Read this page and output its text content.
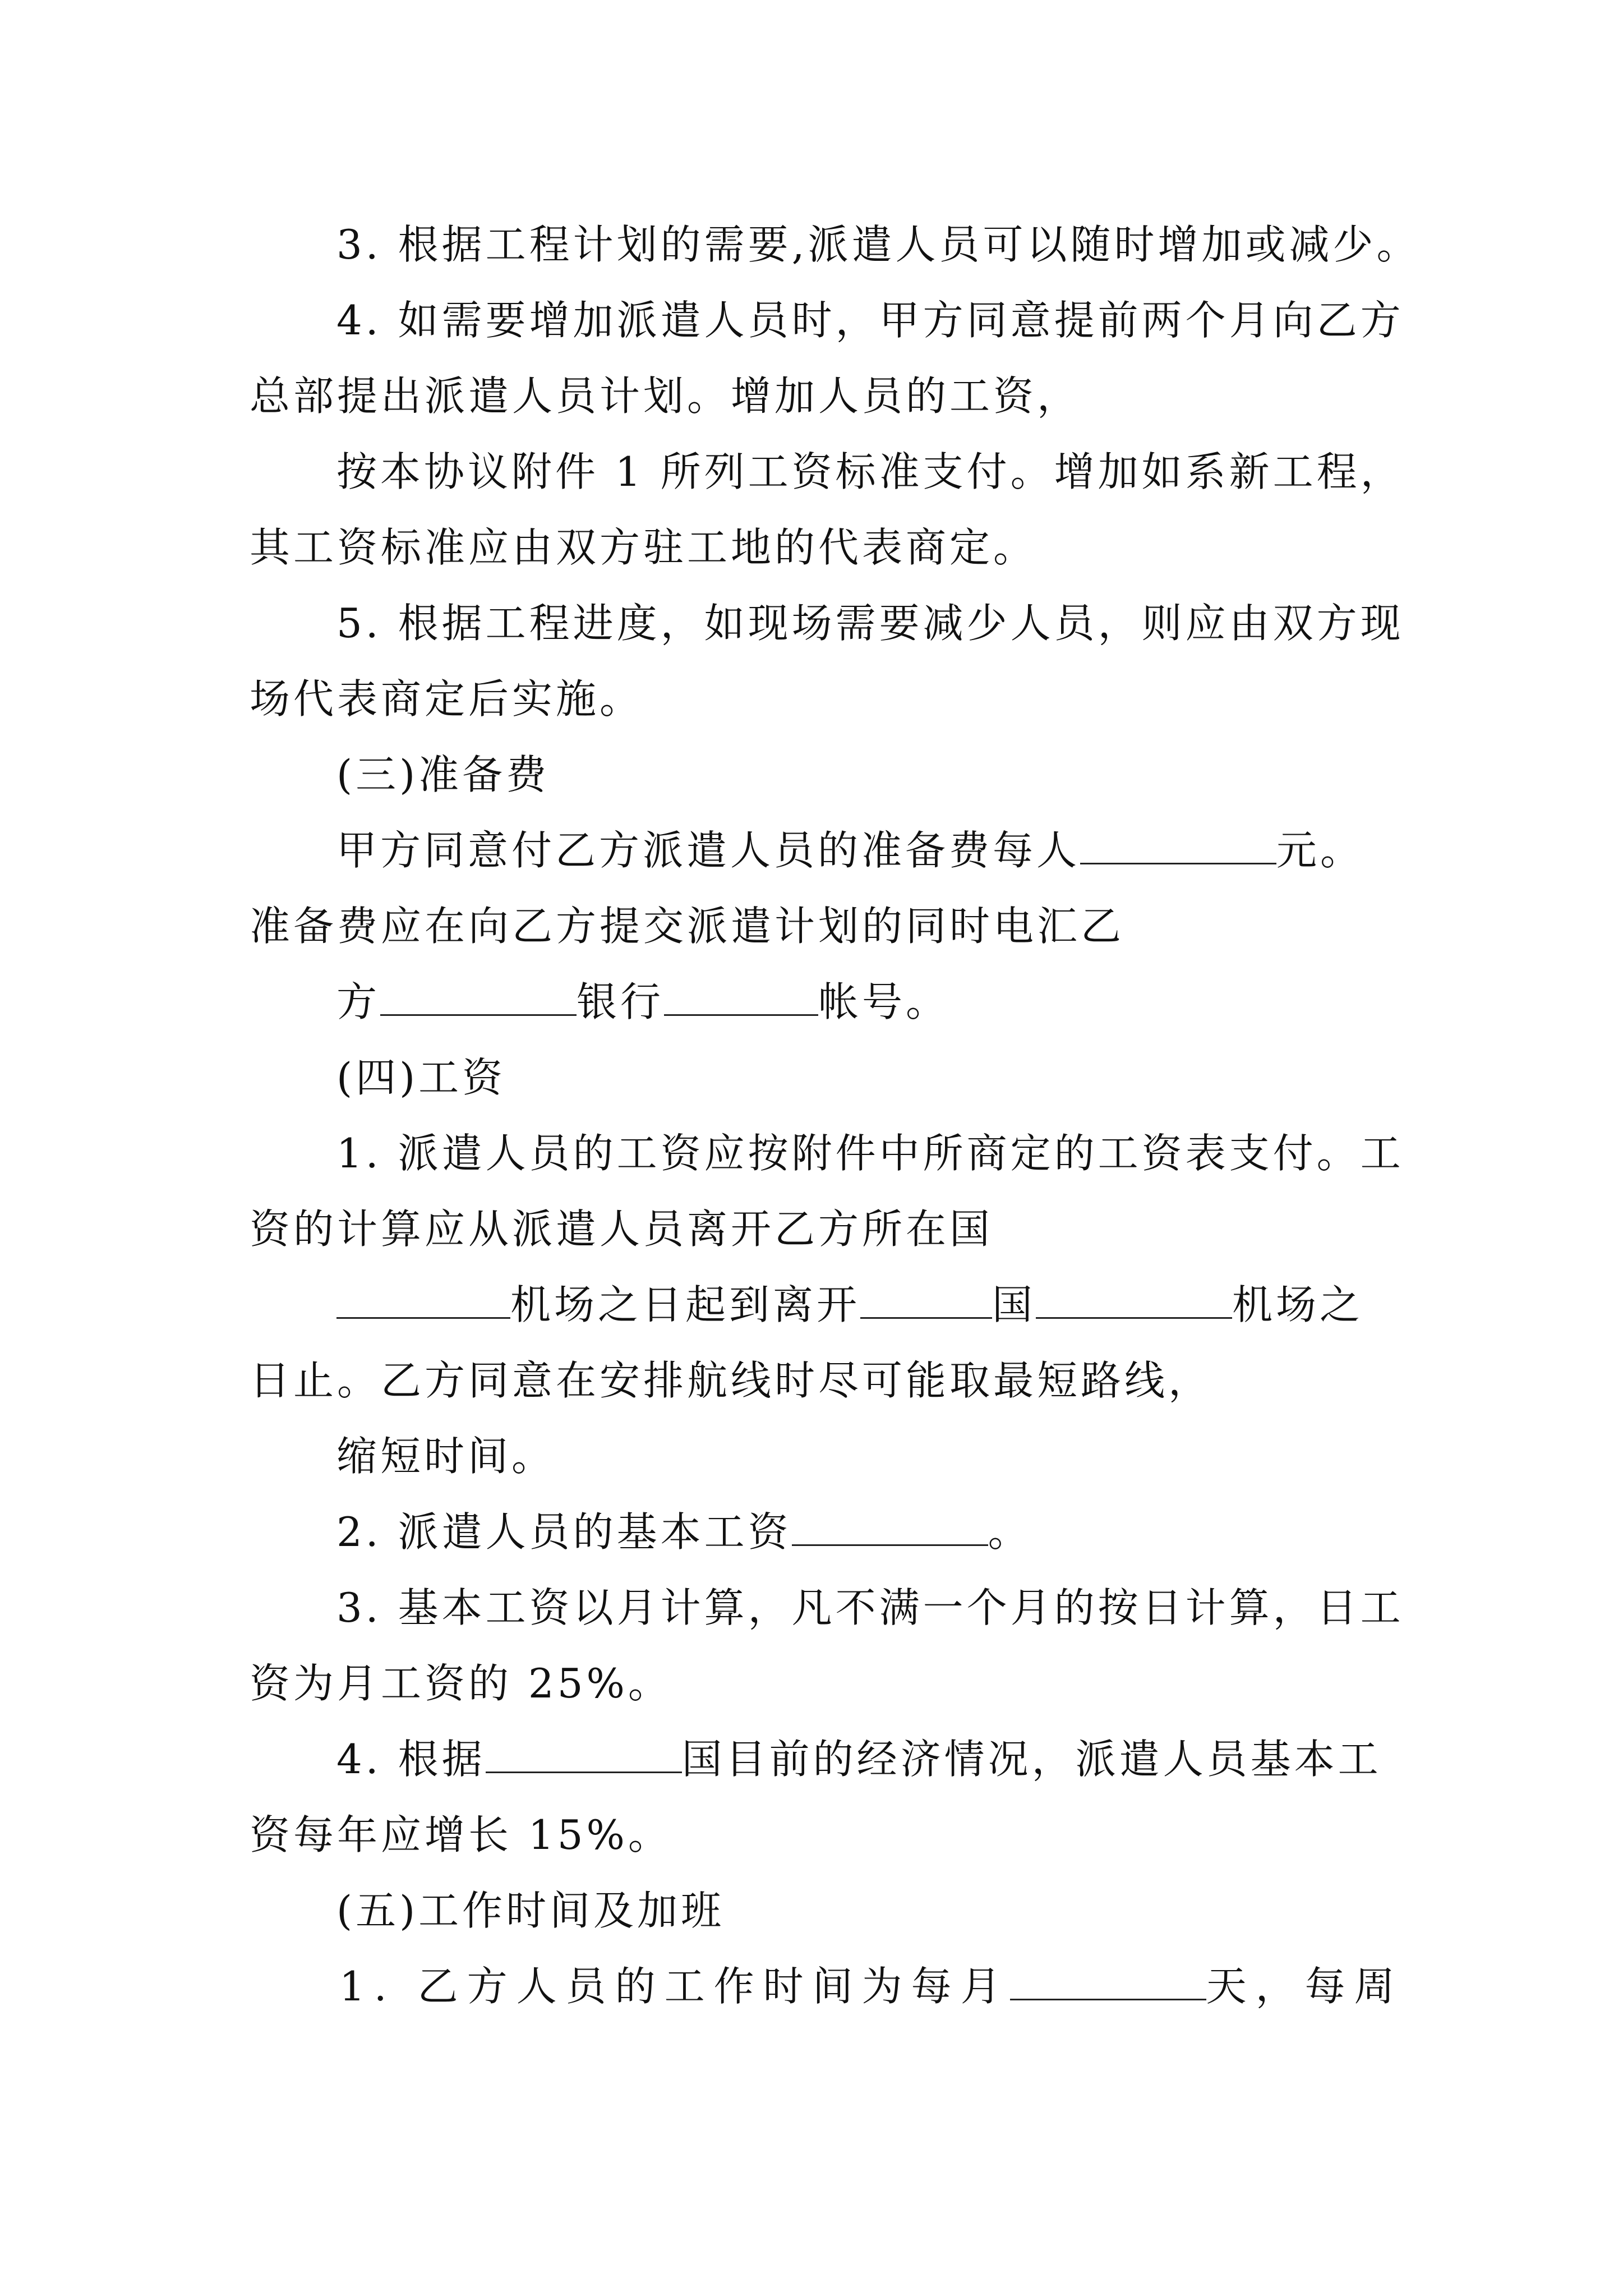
3. 根据工程计划的需要,派遣人员可以随时增加或减少。
4. 如需要增加派遣人员时，甲方同意提前两个月向乙方
总部提出派遣人员计划。增加人员的工资，
按本协议附件 1 所列工资标准支付。增加如系新工程，
其工资标准应由双方驻工地的代表商定。
5. 根据工程进度，如现场需要减少人员，则应由双方现
场代表商定后实施。
(三)准备费
甲方同意付乙方派遣人员的准备费每人	元。
准备费应在向乙方提交派遣计划的同时电汇乙
方	银行	帐号。
(四)工资
1. 派遣人员的工资应按附件中所商定的工资表支付。工
资的计算应从派遣人员离开乙方所在国
机场之日起到离开	国	机场之
日止。乙方同意在安排航线时尽可能取最短路线，
缩短时间。
2. 派遣人员的基本工资	。
3. 基本工资以月计算，凡不满一个月的按日计算，日工
资为月工资的 25%。
4. 根据	国目前的经济情况，派遣人员基本工
资每年应增长 15%。
(五)工作时间及加班
1. 乙方人员的工作时间为每月	天，每周
